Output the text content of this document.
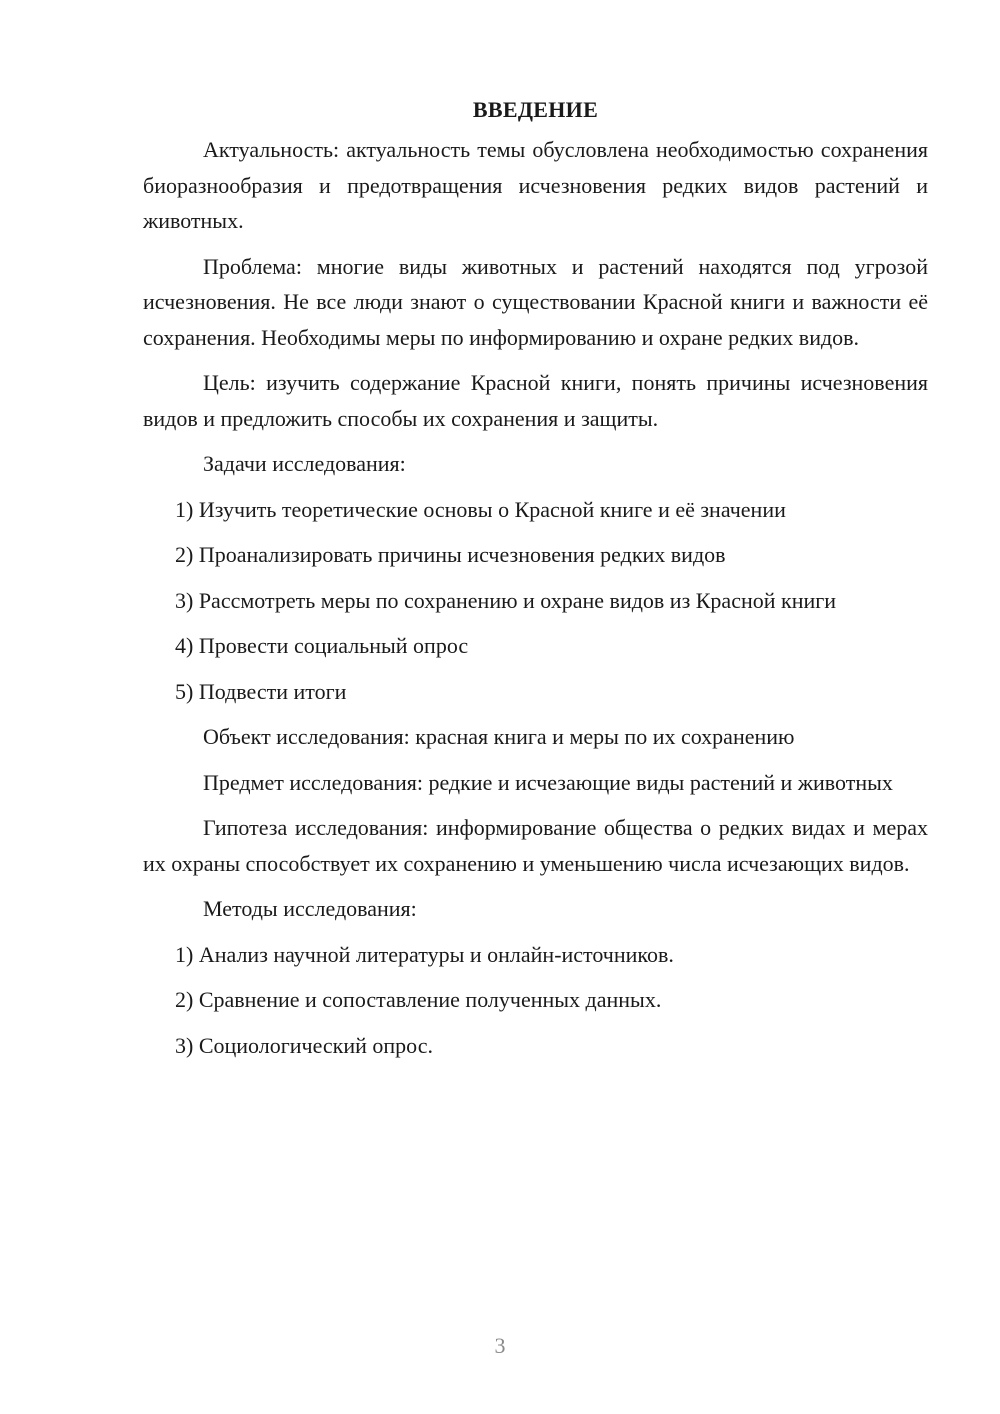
ВВЕДЕНИЕ

Актуальность: актуальность темы обусловлена необходимостью сохранения биоразнообразия и предотвращения исчезновения редких видов растений и животных.

Проблема: многие виды животных и растений находятся под угрозой исчезновения. Не все люди знают о существовании Красной книги и важности её сохранения. Необходимы меры по информированию и охране редких видов.

Цель: изучить содержание Красной книги, понять причины исчезновения видов и предложить способы их сохранения и защиты.

Задачи исследования:

1) Изучить теоретические основы о Красной книге и её значении
2) Проанализировать причины исчезновения редких видов
3) Рассмотреть меры по сохранению и охране видов из Красной книги
4) Провести социальный опрос
5) Подвести итоги

Объект исследования: красная книга и меры по их сохранению

Предмет исследования: редкие и исчезающие виды растений и животных

Гипотеза исследования: информирование общества о редких видах и мерах их охраны способствует их сохранению и уменьшению числа исчезающих видов.

Методы исследования:

1) Анализ научной литературы и онлайн-источников.
2) Сравнение и сопоставление полученных данных.
3) Социологический опрос.
3
